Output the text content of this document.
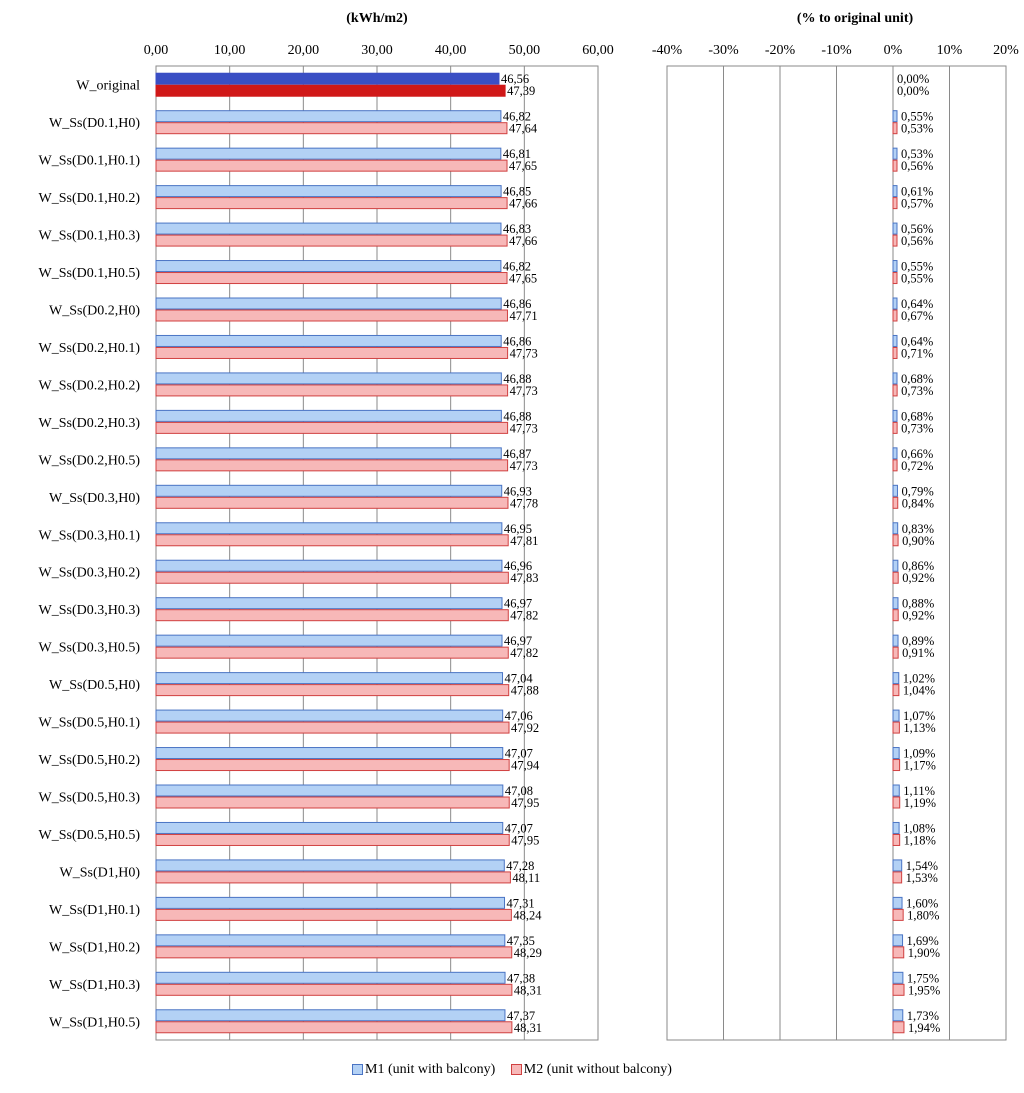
(kWh/m2)
0,00	10,00	20,00	30,00	40,00	50,00	60,00
46,56
47,39
W_original
46,82
47,64
W_Ss(D0.1,H0)
46,81
47,65
W_Ss(D0.1,H0.1)
46,85
47,66
W_Ss(D0.1,H0.2)
46,83
47,66
W_Ss(D0.1,H0.3)
46,82
47,65
W_Ss(D0.1,H0.5)
46,86
47,71
W_Ss(D0.2,H0)
46,86
47,73
W_Ss(D0.2,H0.1)
46,88
47,73
W_Ss(D0.2,H0.2)
46,88
47,73
W_Ss(D0.2,H0.3)
46,87
47,73
W_Ss(D0.2,H0.5)
46,93
47,78
W_Ss(D0.3,H0)
46,95
47,81
W_Ss(D0.3,H0.1)
46,96
47,83
W_Ss(D0.3,H0.2)
46,97
47,82
W_Ss(D0.3,H0.3)
46,97
47,82
W_Ss(D0.3,H0.5)
47,04
47,88
W_Ss(D0.5,H0)
47,06
47,92
W_Ss(D0.5,H0.1)
47,07
47,94
W_Ss(D0.5,H0.2)
47,08
47,95
W_Ss(D0.5,H0.3)
47,07
47,95
W_Ss(D0.5,H0.5)
47,28
48,11
W_Ss(D1,H0)
47,31
48,24
W_Ss(D1,H0.1)
47,35
48,29
W_Ss(D1,H0.2)
47,38
48,31
W_Ss(D1,H0.3)
47,37
48,31
W_Ss(D1,H0.5)
(% to original unit)
-40% -30% -20% -10% 0% 10% 20%
0,00%
0,00%
0,55%
0,53%
0,53%
0,56%
0,61%
0,57%
0,56%
0,56%
0,55%
0,55%
0,64%
0,67%
0,64%
0,71%
0,68%
0,73%
0,68%
0,73%
0,66%
0,72%
0,79%
0,84%
0,83%
0,90%
0,86%
0,92%
0,88%
0,92%
0,89%
0,91%
1,02%
1,04%
1,07%
1,13%
1,09%
1,17%
1,11%
1,19%
1,08%
1,18%
1,54%
1,53%
1,60%
1,80%
1,69%
1,90%
1,75%
1,95%
1,73%
1,94%
M1 (unit with balcony) M2 (unit without balcony)
